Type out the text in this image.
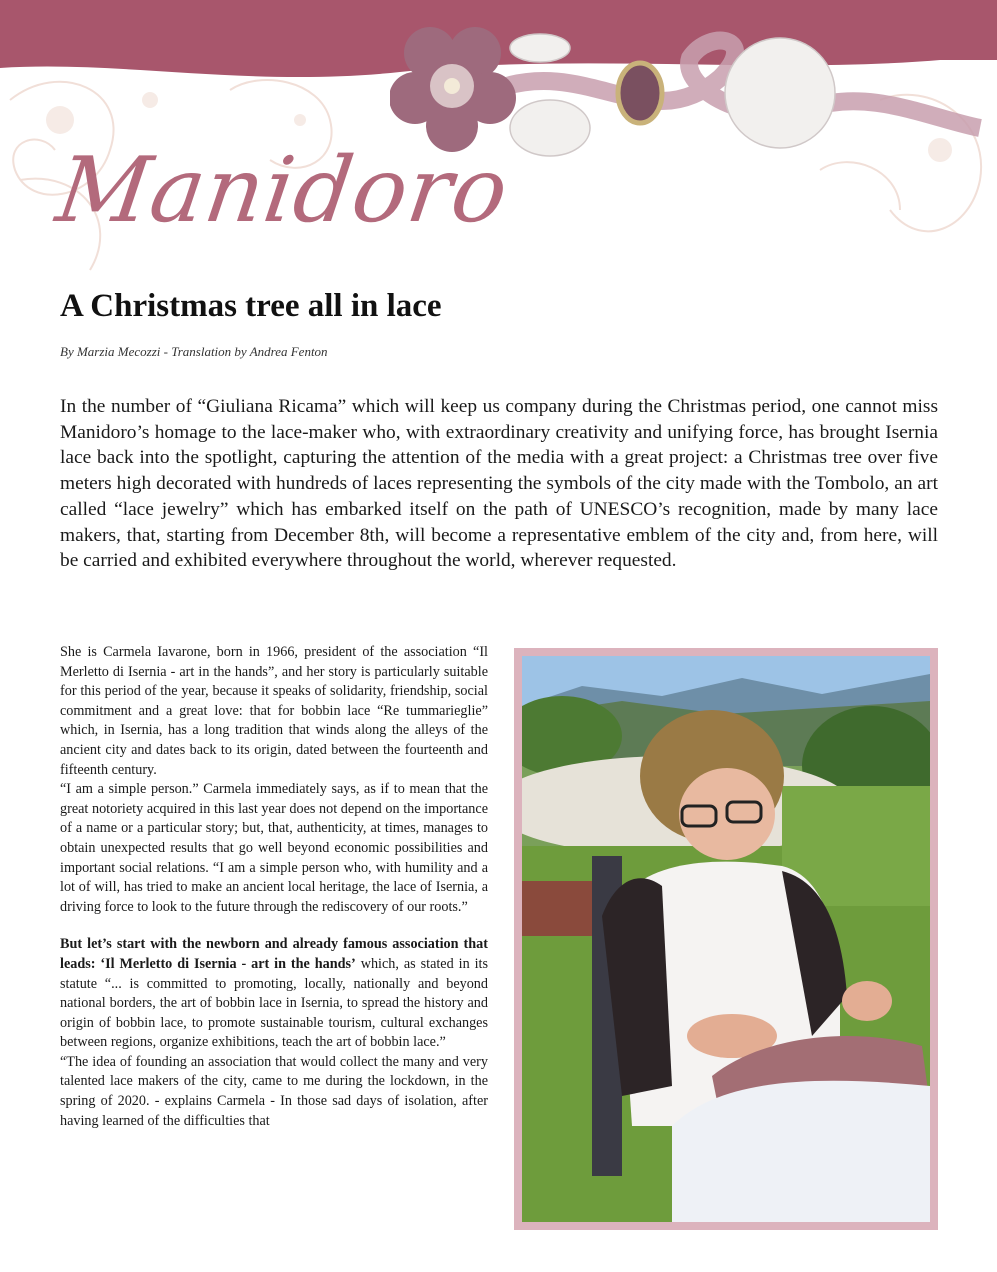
Manidoro
A Christmas tree all in lace
By Marzia Mecozzi - Translation by Andrea Fenton

In the number of “Giuliana Ricama” which will keep us company during the Christmas period, one cannot miss Manidoro’s homage to the lace-maker who, with extraordinary creativity and unifying force, has brought Isernia lace back into the spotlight, capturing the attention of the media with a great project: a Christmas tree over five meters high decorated with hundreds of laces representing the symbols of the city made with the Tombolo, an art called “lace jewelry” which has embarked itself on the path of UNESCO’s recognition, made by many lace makers, that, starting from December 8th, will become a representative emblem of the city and, from here, will be carried and exhibited everywhere throughout the world, wherever requested.

She is Carmela Iavarone, born in 1966, president of the association “Il Merletto di Isernia - art in the hands”, and her story is particularly suitable for this period of the year, because it speaks of solidarity, friendship, social commitment and a great love: that for bobbin lace “Re tummarieglie” which, in Isernia, has a long tradition that winds along the alleys of the ancient city and dates back to its origin, dated between the fourteenth and fifteenth century.

“I am a simple person.” Carmela immediately says, as if to mean that the great notoriety acquired in this last year does not depend on the importance of a name or a particular story; but, that, authenticity, at times, manages to obtain unexpected results that go well beyond economic possibilities and important social relations. “I am a simple person who, with humility and a lot of will, has tried to make an ancient local heritage, the lace of Isernia, a driving force to look to the future through the rediscovery of our roots.”

But let’s start with the newborn and already famous association that leads: ‘Il Merletto di Isernia - art in the hands’ which, as stated in its statute “... is committed to promoting, locally, nationally and beyond national borders, the art of bobbin lace in Isernia, to spread the history and origin of bobbin lace, to promote sustainable tourism, cultural exchanges between regions, organize exhibitions, teach the art of bobbin lace.”

“The idea of founding an association that would collect the many and very talented lace makers of the city, came to me during the lockdown, in the spring of 2020. - explains Carmela - In those sad days of isolation, after having learned of the difficulties that
